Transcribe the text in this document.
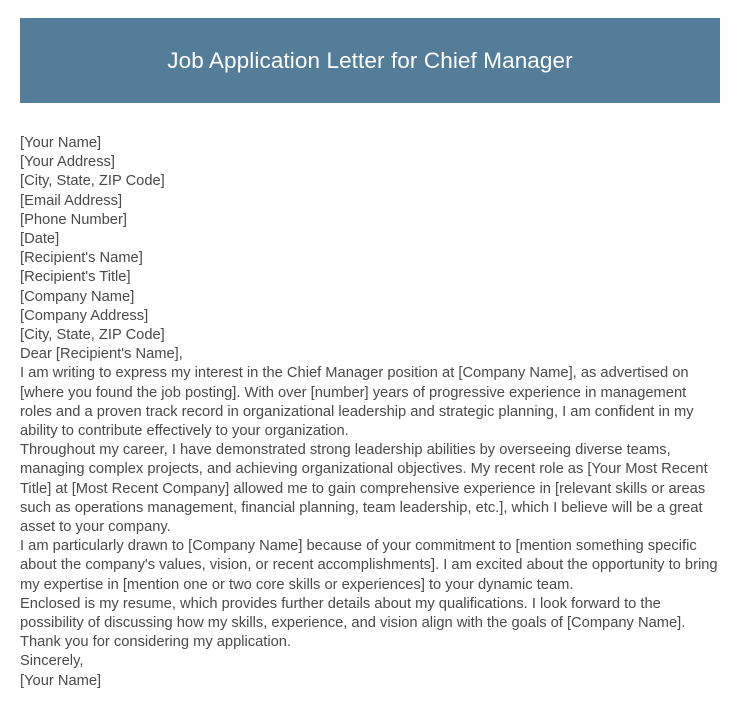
Job Application Letter for Chief Manager
[Your Name]
[Your Address]
[City, State, ZIP Code]
[Email Address]
[Phone Number]
[Date]
[Recipient's Name]
[Recipient's Title]
[Company Name]
[Company Address]
[City, State, ZIP Code]
Dear [Recipient's Name],

I am writing to express my interest in the Chief Manager position at [Company Name], as advertised on [where you found the job posting]. With over [number] years of progressive experience in management roles and a proven track record in organizational leadership and strategic planning, I am confident in my ability to contribute effectively to your organization.

Throughout my career, I have demonstrated strong leadership abilities by overseeing diverse teams, managing complex projects, and achieving organizational objectives. My recent role as [Your Most Recent Title] at [Most Recent Company] allowed me to gain comprehensive experience in [relevant skills or areas such as operations management, financial planning, team leadership, etc.], which I believe will be a great asset to your company.

I am particularly drawn to [Company Name] because of your commitment to [mention something specific about the company's values, vision, or recent accomplishments]. I am excited about the opportunity to bring my expertise in [mention one or two core skills or experiences] to your dynamic team.

Enclosed is my resume, which provides further details about my qualifications. I look forward to the possibility of discussing how my skills, experience, and vision align with the goals of [Company Name]. Thank you for considering my application.

Sincerely,
[Your Name]
